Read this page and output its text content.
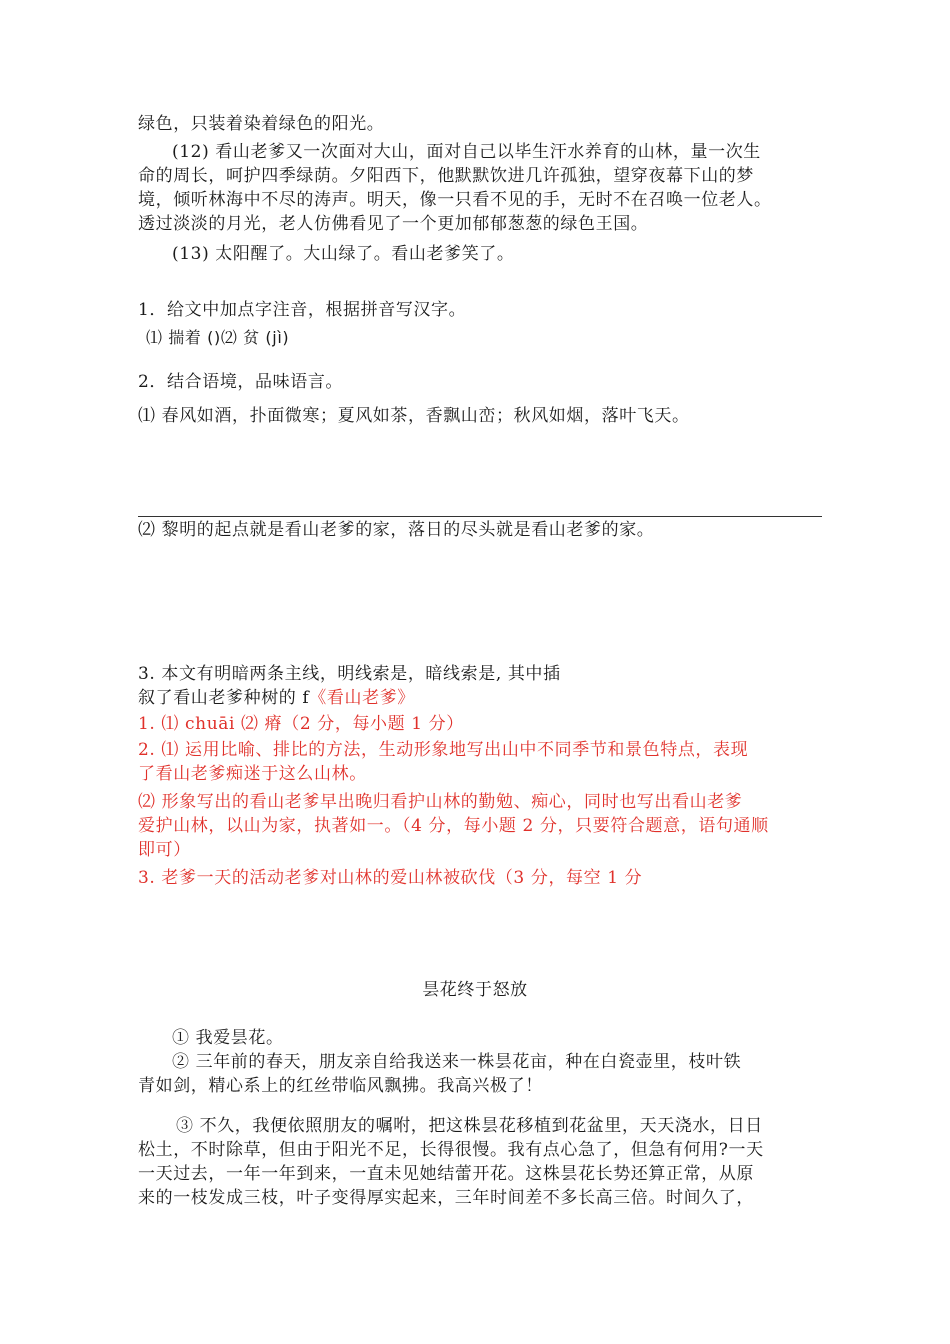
绿色，只装着染着绿色的阳光。
(12) 看山老爹又一次面对大山，面对自己以毕生汗水养育的山林，量一次生
命的周长，呵护四季绿荫。夕阳西下，他默默饮进几许孤独，望穿夜幕下山的梦
境，倾听林海中不尽的涛声。明天，像一只看不见的手，无时不在召唤一位老人。
透过淡淡的月光，老人仿佛看见了一个更加郁郁葱葱的绿色王国。
(13) 太阳醒了。大山绿了。看山老爹笑了。
1．给文中加点字注音，根据拼音写汉字。
⑴ 揣着 ()⑵ 贫 (jì)
2．结合语境，品味语言。
⑴ 春风如酒，扑面微寒；夏风如茶，香飘山峦；秋风如烟，落叶飞天。
⑵ 黎明的起点就是看山老爹的家，落日的尽头就是看山老爹的家。
3. 本文有明暗两条主线，明线索是，暗线索是, 其中插
叙了看山老爹种树的 f《看山老爹》
1. ⑴ chuāi ⑵ 瘠（2 分，每小题 1 分）
2. ⑴ 运用比喻、排比的方法，生动形象地写出山中不同季节和景色特点，表现
了看山老爹痴迷于这么山林。
⑵ 形象写出的看山老爹早出晚归看护山林的勤勉、痴心，同时也写出看山老爹
爱护山林，以山为家，执著如一。（4 分，每小题 2 分，只要符合题意，语句通顺
即可）
3. 老爹一天的活动老爹对山林的爱山林被砍伐（3 分，每空 1 分
昙花终于怒放
① 我爱昙花。
② 三年前的春天，朋友亲自给我送来一株昙花亩，种在白瓷壶里，枝叶铁
青如剑，精心系上的红丝带临风飘拂。我高兴极了！
③ 不久，我便依照朋友的嘱咐，把这株昙花移植到花盆里，天天浇水，日日
松土，不时除草，但由于阳光不足，长得很慢。我有点心急了，但急有何用?一天
一天过去，一年一年到来，一直未见她结蕾开花。这株昙花长势还算正常，从原
来的一枝发成三枝，叶子变得厚实起来，三年时间差不多长高三倍。时间久了，
